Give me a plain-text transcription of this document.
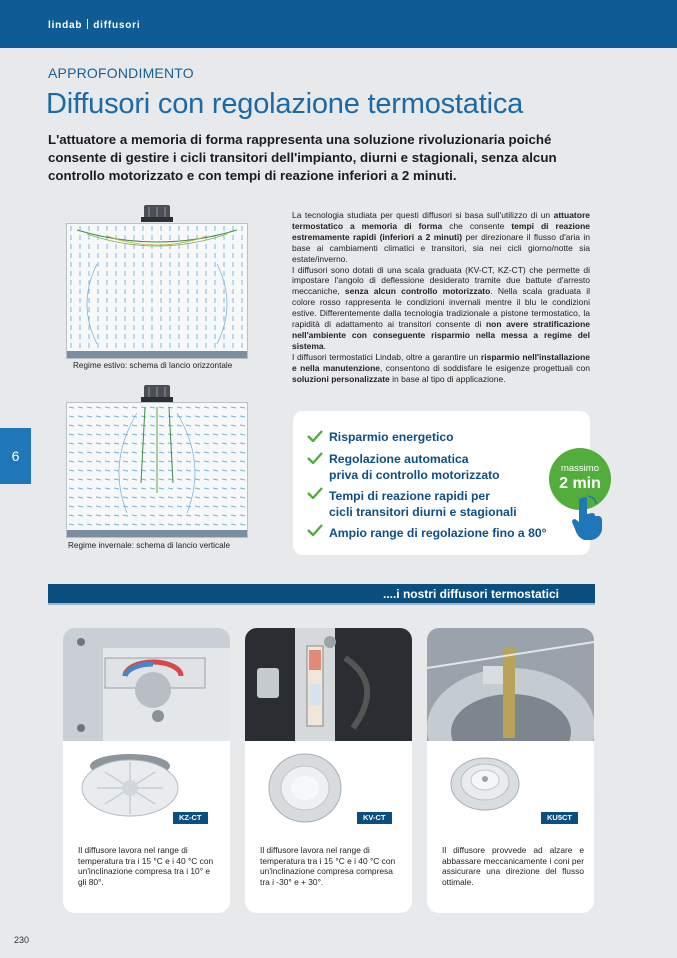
lindab diffusori
APPROFONDIMENTO
Diffusori con regolazione termostatica

L'attuatore a memoria di forma rappresenta una soluzione rivoluzionaria poiché consente di gestire i cicli transitori dell'impianto, diurni e stagionali, senza alcun controllo motorizzato e con tempi di reazione inferiori a 2 minuti.

Regime estivo: schema di lancio orizzontale
Regime invernale: schema di lancio verticale

La tecnologia studiata per questi diffusori si basa sull'utilizzo di un attuatore termostatico a memoria di forma che consente tempi di reazione estremamente rapidi (inferiori a 2 minuti) per direzionare il flusso d'aria in base ai cambiamenti climatici e transitori, sia nei cicli giorno/notte sia estate/inverno.
I diffusori sono dotati di una scala graduata (KV-CT, KZ-CT) che permette di impostare l'angolo di deflessione desiderato tramite due battute d'arresto meccaniche, senza alcun controllo motorizzato. Nella scala graduata il colore rosso rappresenta le condizioni invernali mentre il blu le condizioni estive. Differentemente dalla tecnologia tradizionale a pistone termostatico, la rapidità di adattamento ai transitori consente di non avere stratificazione nell'ambiente con conseguente risparmio nella messa a regime del sistema.
I diffusori termostatici Lindab, oltre a garantire un risparmio nell'installazione e nella manutenzione, consentono di soddisfare le esigenze progettuali con soluzioni personalizzate in base al tipo di applicazione.

6
Risparmio energetico
Regolazione automatica
priva di controllo motorizzato
Tempi di reazione rapidi per
cicli transitori diurni e stagionali
Ampio range di regolazione fino a 80°
massimo
2 min
....i nostri diffusori termostatici
KZ-CT

Il diffusore lavora nel range di temperatura tra i 15 °C e i 40 °C con un'inclinazione compresa tra i 10° e gli 80°.

KV-CT

Il diffusore lavora nel range di temperatura tra i 15 °C e i 40 °C con un'inclinazione compresa compresa tra i -30° e + 30°.

KU5CT

Il diffusore provvede ad alzare e abbassare meccanicamente i coni per assicurare una direzione del flusso ottimale.

230
